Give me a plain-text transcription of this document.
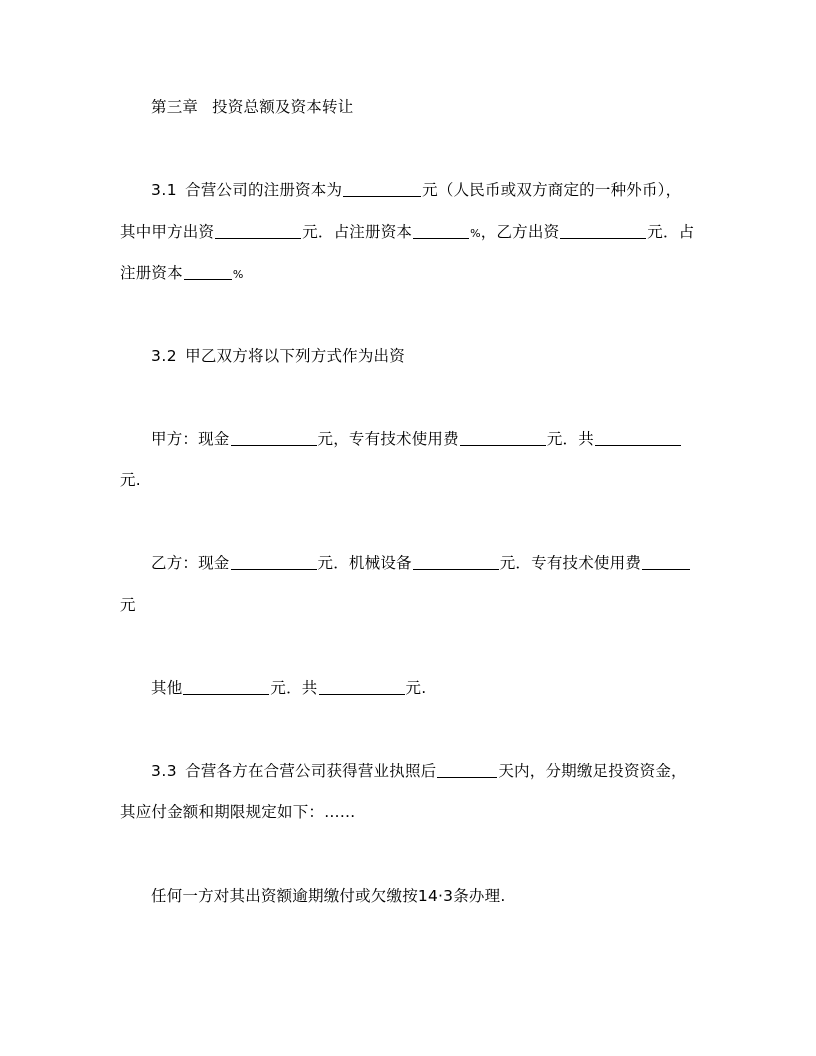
第三章 投资总额及资本转让
3.1 合营公司的注册资本为	元（人民币或双方商定的一种外币），
其中甲方出资	元．占注册资本	%，乙方出资	元．占
注册资本	%
3.2 甲乙双方将以下列方式作为出资
甲方：现金	元，专有技术使用费	元．共
元.
乙方：现金	元．机械设备	元．专有技术使用费
元
其他	元．共	元.
3.3 合营各方在合营公司获得营业执照后	天内，分期缴足投资资金，
其应付金额和期限规定如下：……
任何一方对其出资额逾期缴付或欠缴按14·3条办理.
